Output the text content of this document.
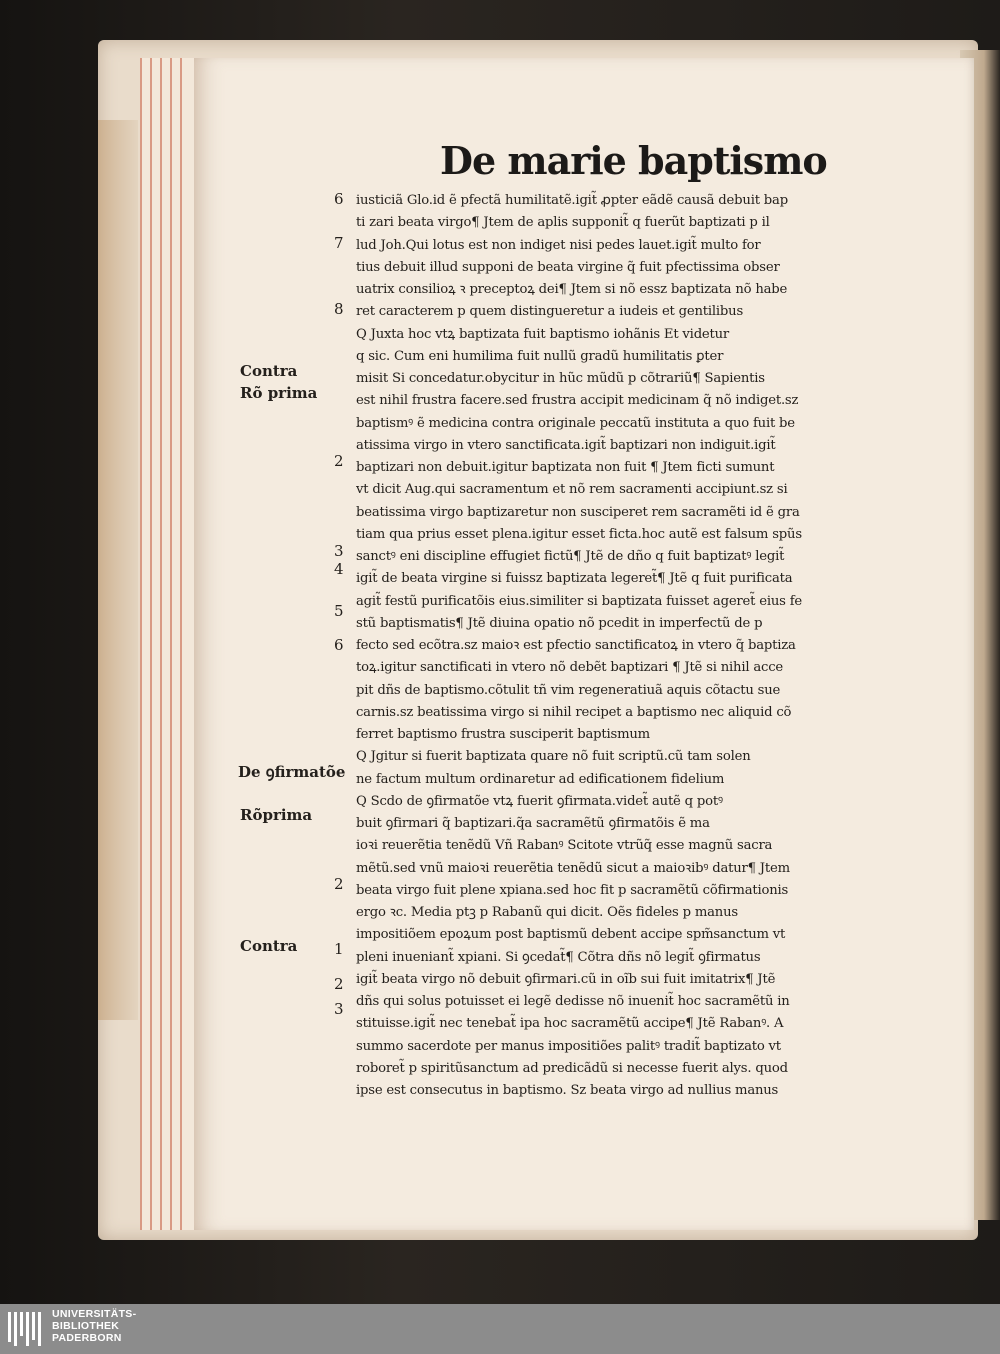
De marie baptismo
6
7
8
2
3
4
5
6
2
1
2
3
Contra
Rõ prima
De ꝯfirmatõe
Rõprima
Contra
iusticiã Glo.id ẽ pfectã humilitatẽ.igit̃ ꝓpter eãdẽ causã debuit bap
ti zari beata virgo¶ Jtem de aplis supponit̃ q fuerũt baptizati p il
lud Joh.Qui lotus est non indiget nisi pedes lauet.igit̃ multo for
tius debuit illud supponi de beata virgine q̃ fuit pfectissima obser
uatrix consilioꝝ ꝛ preceptoꝝ dei¶ Jtem si nõ essz baptizata nõ habe
ret caracterem p quem distingueretur a iudeis et gentilibus
Q Juxta hoc vtꝝ baptizata fuit baptismo iohãnis Et videtur
q sic. Cum eni humilima fuit nullũ gradũ humilitatis ꝑter
misit Si concedatur.obycitur in hũc mũdũ p cõtrariũ¶ Sapientis
est nihil frustra facere.sed frustra accipit medicinam q̃ nõ indiget.sz
baptismꝰ ẽ medicina contra originale peccatũ instituta a quo fuit be
atissima virgo in vtero sanctificata.igit̃ baptizari non indiguit.igit̃
baptizari non debuit.igitur baptizata non fuit ¶ Jtem ficti sumunt
vt dicit Aug.qui sacramentum et nõ rem sacramenti accipiunt.sz si
beatissima virgo baptizaretur non susciperet rem sacramẽti id ẽ gra
tiam qua prius esset plena.igitur esset ficta.hoc autẽ est falsum spũs
sanctꝰ eni discipline effugiet fictũ¶ Jtẽ de dño q fuit baptizatꝰ legit̃
igit̃ de beata virgine si fuissz baptizata legeret̃¶ Jtẽ q fuit purificata
agit̃ festũ purificatõis eius.similiter si baptizata fuisset ageret̃ eius fe
stũ baptismatis¶ Jtẽ diuina opatio nõ pcedit in imperfectũ de p
fecto sed ecõtra.sz maioꝛ est pfectio sanctificatoꝝ in vtero q̃ baptiza
toꝝ.igitur sanctificati in vtero nõ debẽt baptizari ¶ Jtẽ si nihil acce
pit dñs de baptismo.cõtulit tñ vim regeneratiuã aquis cõtactu sue
carnis.sz beatissima virgo si nihil recipet a baptismo nec aliquid cõ
ferret baptismo frustra susciperit baptismum
Q Jgitur si fuerit baptizata quare nõ fuit scriptũ.cũ tam solen
ne factum multum ordinaretur ad edificationem fidelium
Q Scdo de ꝯfirmatõe vtꝝ fuerit ꝯfirmata.videt̃ autẽ q potꝰ
buit ꝯfirmari q̃ baptizari.q̃a sacramẽtũ ꝯfirmatõis ẽ ma
ioꝛi reuerẽtia tenẽdũ Vñ Rabanꝰ Scitote vtrũq̃ esse magnũ sacra
mẽtũ.sed vnũ maioꝛi reuerẽtia tenẽdũ sicut a maioꝛibꝰ datur¶ Jtem
beata virgo fuit plene xpiana.sed hoc fit p sacramẽtũ cõfirmationis
ergo ꝛc. Media ptꝫ p Rabanũ qui dicit. Oẽs fideles p manus
impositiõem epoꝝum post baptismũ debent accipe spm̃sanctum vt
pleni inueniant̃ xpiani. Si ꝯcedat̃¶ Cõtra dñs nõ legit̃ ꝯfirmatus
igit̃ beata virgo nõ debuit ꝯfirmari.cũ in oĩb sui fuit imitatrix¶ Jtẽ
dñs qui solus potuisset ei legẽ dedisse nõ inuenit̃ hoc sacramẽtũ in
stituisse.igit̃ nec tenebat̃ ipa hoc sacramẽtũ accipe¶ Jtẽ Rabanꝰ. A
summo sacerdote per manus impositiões palitꝰ tradit̃ baptizato vt
roboret̃ p spiritũsanctum ad predicãdũ si necesse fuerit alys. quod
ipse est consecutus in baptismo. Sz beata virgo ad nullius manus
UNIVERSITÄTS-
BIBLIOTHEK
PADERBORN
